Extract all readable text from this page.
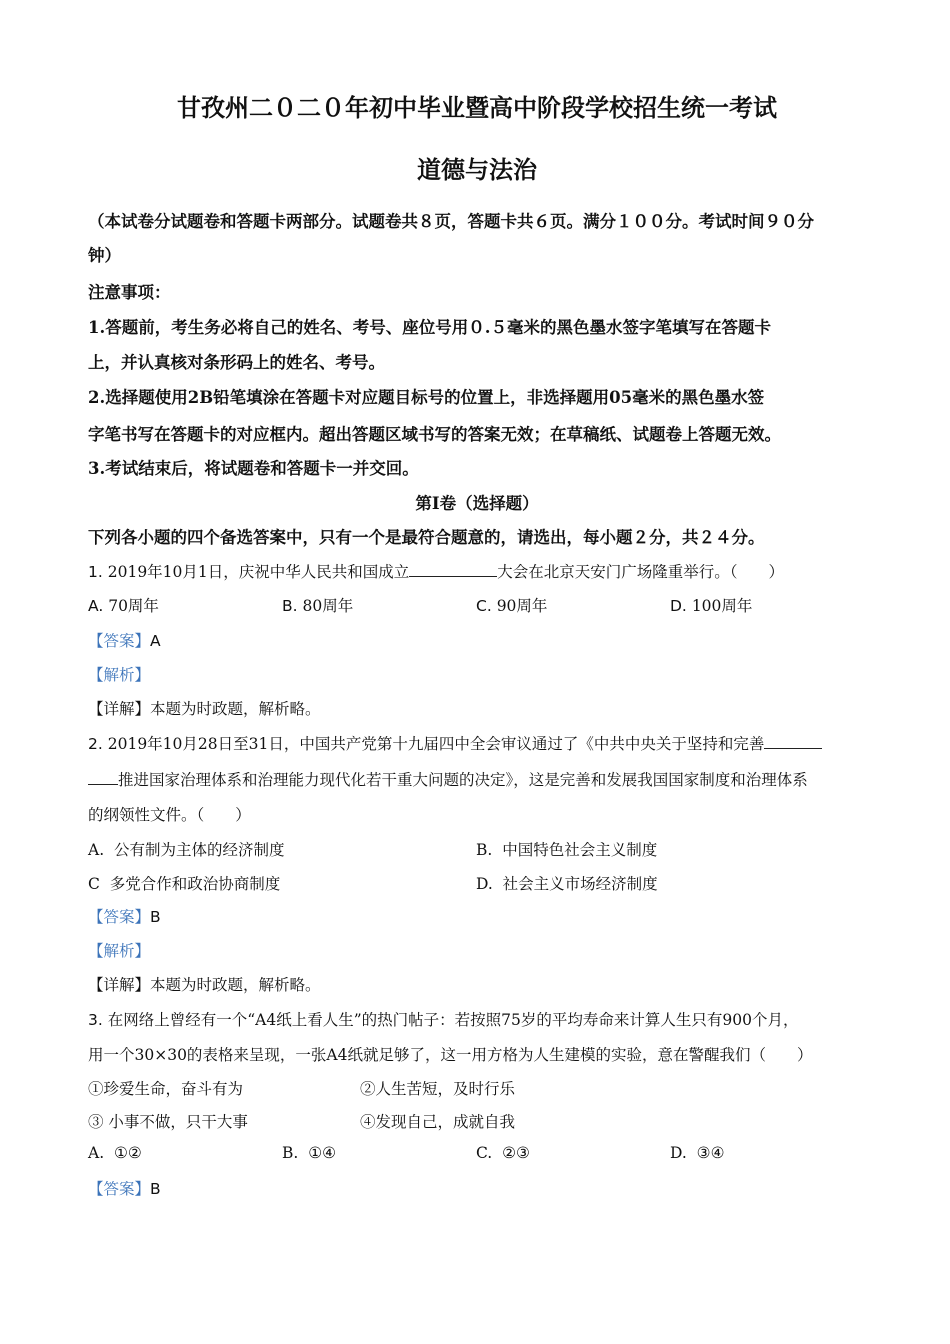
甘孜州二０二０年初中毕业暨高中阶段学校招生统一考试
道德与法治
（本试卷分试题卷和答题卡两部分。试题卷共８页，答题卡共６页。满分１００分。考试时间９０分
钟）
注意事项：
1.答题前，考生务必将自己的姓名、考号、座位号用０.５毫米的黑色墨水签字笔填写在答题卡
上，并认真核对条形码上的姓名、考号。
2.选择题使用2B铅笔填涂在答题卡对应题目标号的位置上，非选择题用05毫米的黑色墨水签
字笔书写在答题卡的对应框内。超出答题区域书写的答案无效；在草稿纸、试题卷上答题无效。
3.考试结束后，将试题卷和答题卡一并交回。
第Ⅰ卷（选择题）
下列各小题的四个备选答案中，只有一个是最符合题意的，请选出，每小题２分，共２４分。
1. 2019年10月1日，庆祝中华人民共和国成立	大会在北京天安门广场隆重举行。（　　）
A. 70周年	B. 80周年	C. 90周年	D. 100周年
【答案】A
【解析】
【详解】本题为时政题，解析略。
2. 2019年10月28日至31日，中国共产党第十九届四中全会审议通过了《中共中央关于坚持和完善
推进国家治理体系和治理能力现代化若干重大问题的决定》，这是完善和发展我国国家制度和治理体系
的纲领性文件。（　　）
A. 公有制为主体的经济制度	B. 中国特色社会主义制度
C 多党合作和政治协商制度	D. 社会主义市场经济制度
【答案】B
【解析】
【详解】本题为时政题，解析略。
3. 在网络上曾经有一个“A4纸上看人生”的热门帖子：若按照75岁的平均寿命来计算人生只有900个月，
用一个30×30的表格来呈现，一张A4纸就足够了，这一用方格为人生建模的实验，意在警醒我们（　　）
①珍爱生命，奋斗有为	②人生苦短，及时行乐
③ 小事不做，只干大事	④发现自己，成就自我
A. ①②	B. ①④	C. ②③	D. ③④
【答案】B
